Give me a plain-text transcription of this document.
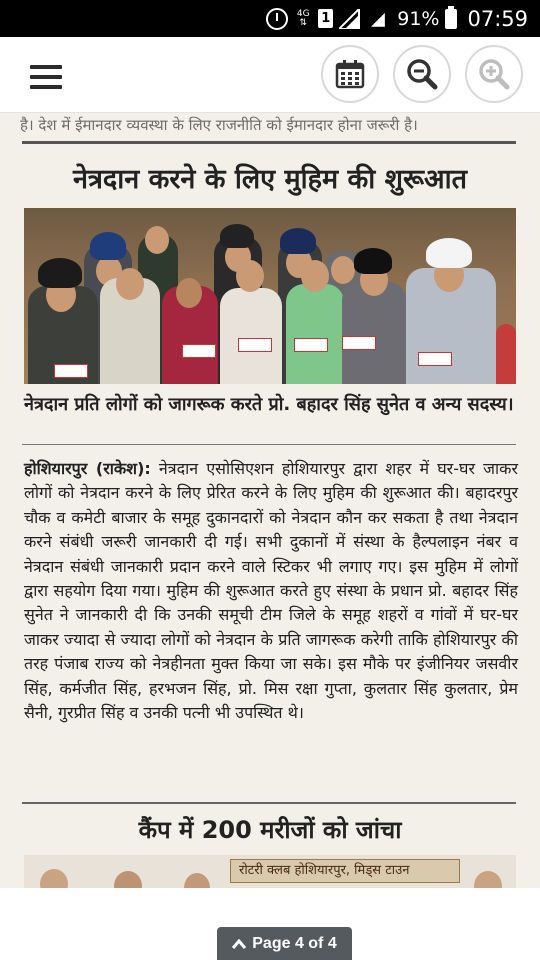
4G
⇅	1	91% 07:59
है। देश में ईमानदार व्यवस्था के लिए राजनीति को ईमानदार होना जरूरी है।
नेत्रदान करने के लिए मुहिम की शुरूआत
नेत्रदान प्रति लोगों को जागरूक करते प्रो. बहादर सिंह सुनेत व अन्य सदस्य।
होशियारपुर (राकेश): नेत्रदान एसोसिएशन होशियारपुर द्वारा शहर में घर-घर जाकर लोगों को नेत्रदान करने के लिए प्रेरित करने के लिए मुहिम की शुरूआत की। बहादरपुर चौक व कमेटी बाजार के समूह दुकानदारों को नेत्रदान कौन कर सकता है तथा नेत्रदान करने संबंधी जरूरी जानकारी दी गई। सभी दुकानों में संस्था के हैल्पलाइन नंबर व नेत्रदान संबंधी जानकारी प्रदान करने वाले स्टिकर भी लगाए गए। इस मुहिम में लोगों द्वारा सहयोग दिया गया। मुहिम की शुरूआत करते हुए संस्था के प्रधान प्रो. बहादर सिंह सुनेत ने जानकारी दी कि उनकी समूची टीम जिले के समूह शहरों व गांवों में घर-घर जाकर ज्यादा से ज्यादा लोगों को नेत्रदान के प्रति जागरूक करेगी ताकि होशियारपुर की तरह पंजाब राज्य को नेत्रहीनता मुक्त किया जा सके। इस मौके पर इंजीनियर जसवीर सिंह, कर्मजीत सिंह, हरभजन सिंह, प्रो. मिस रक्षा गुप्ता, कुलतार सिंह कुलतार, प्रेम सैनी, गुरप्रीत सिंह व उनकी पत्नी भी उपस्थित थे।
कैंप में 200 मरीजों को जांचा
रोटरी क्लब होशियारपुर, मिड्स टाउन
Page 4 of 4
